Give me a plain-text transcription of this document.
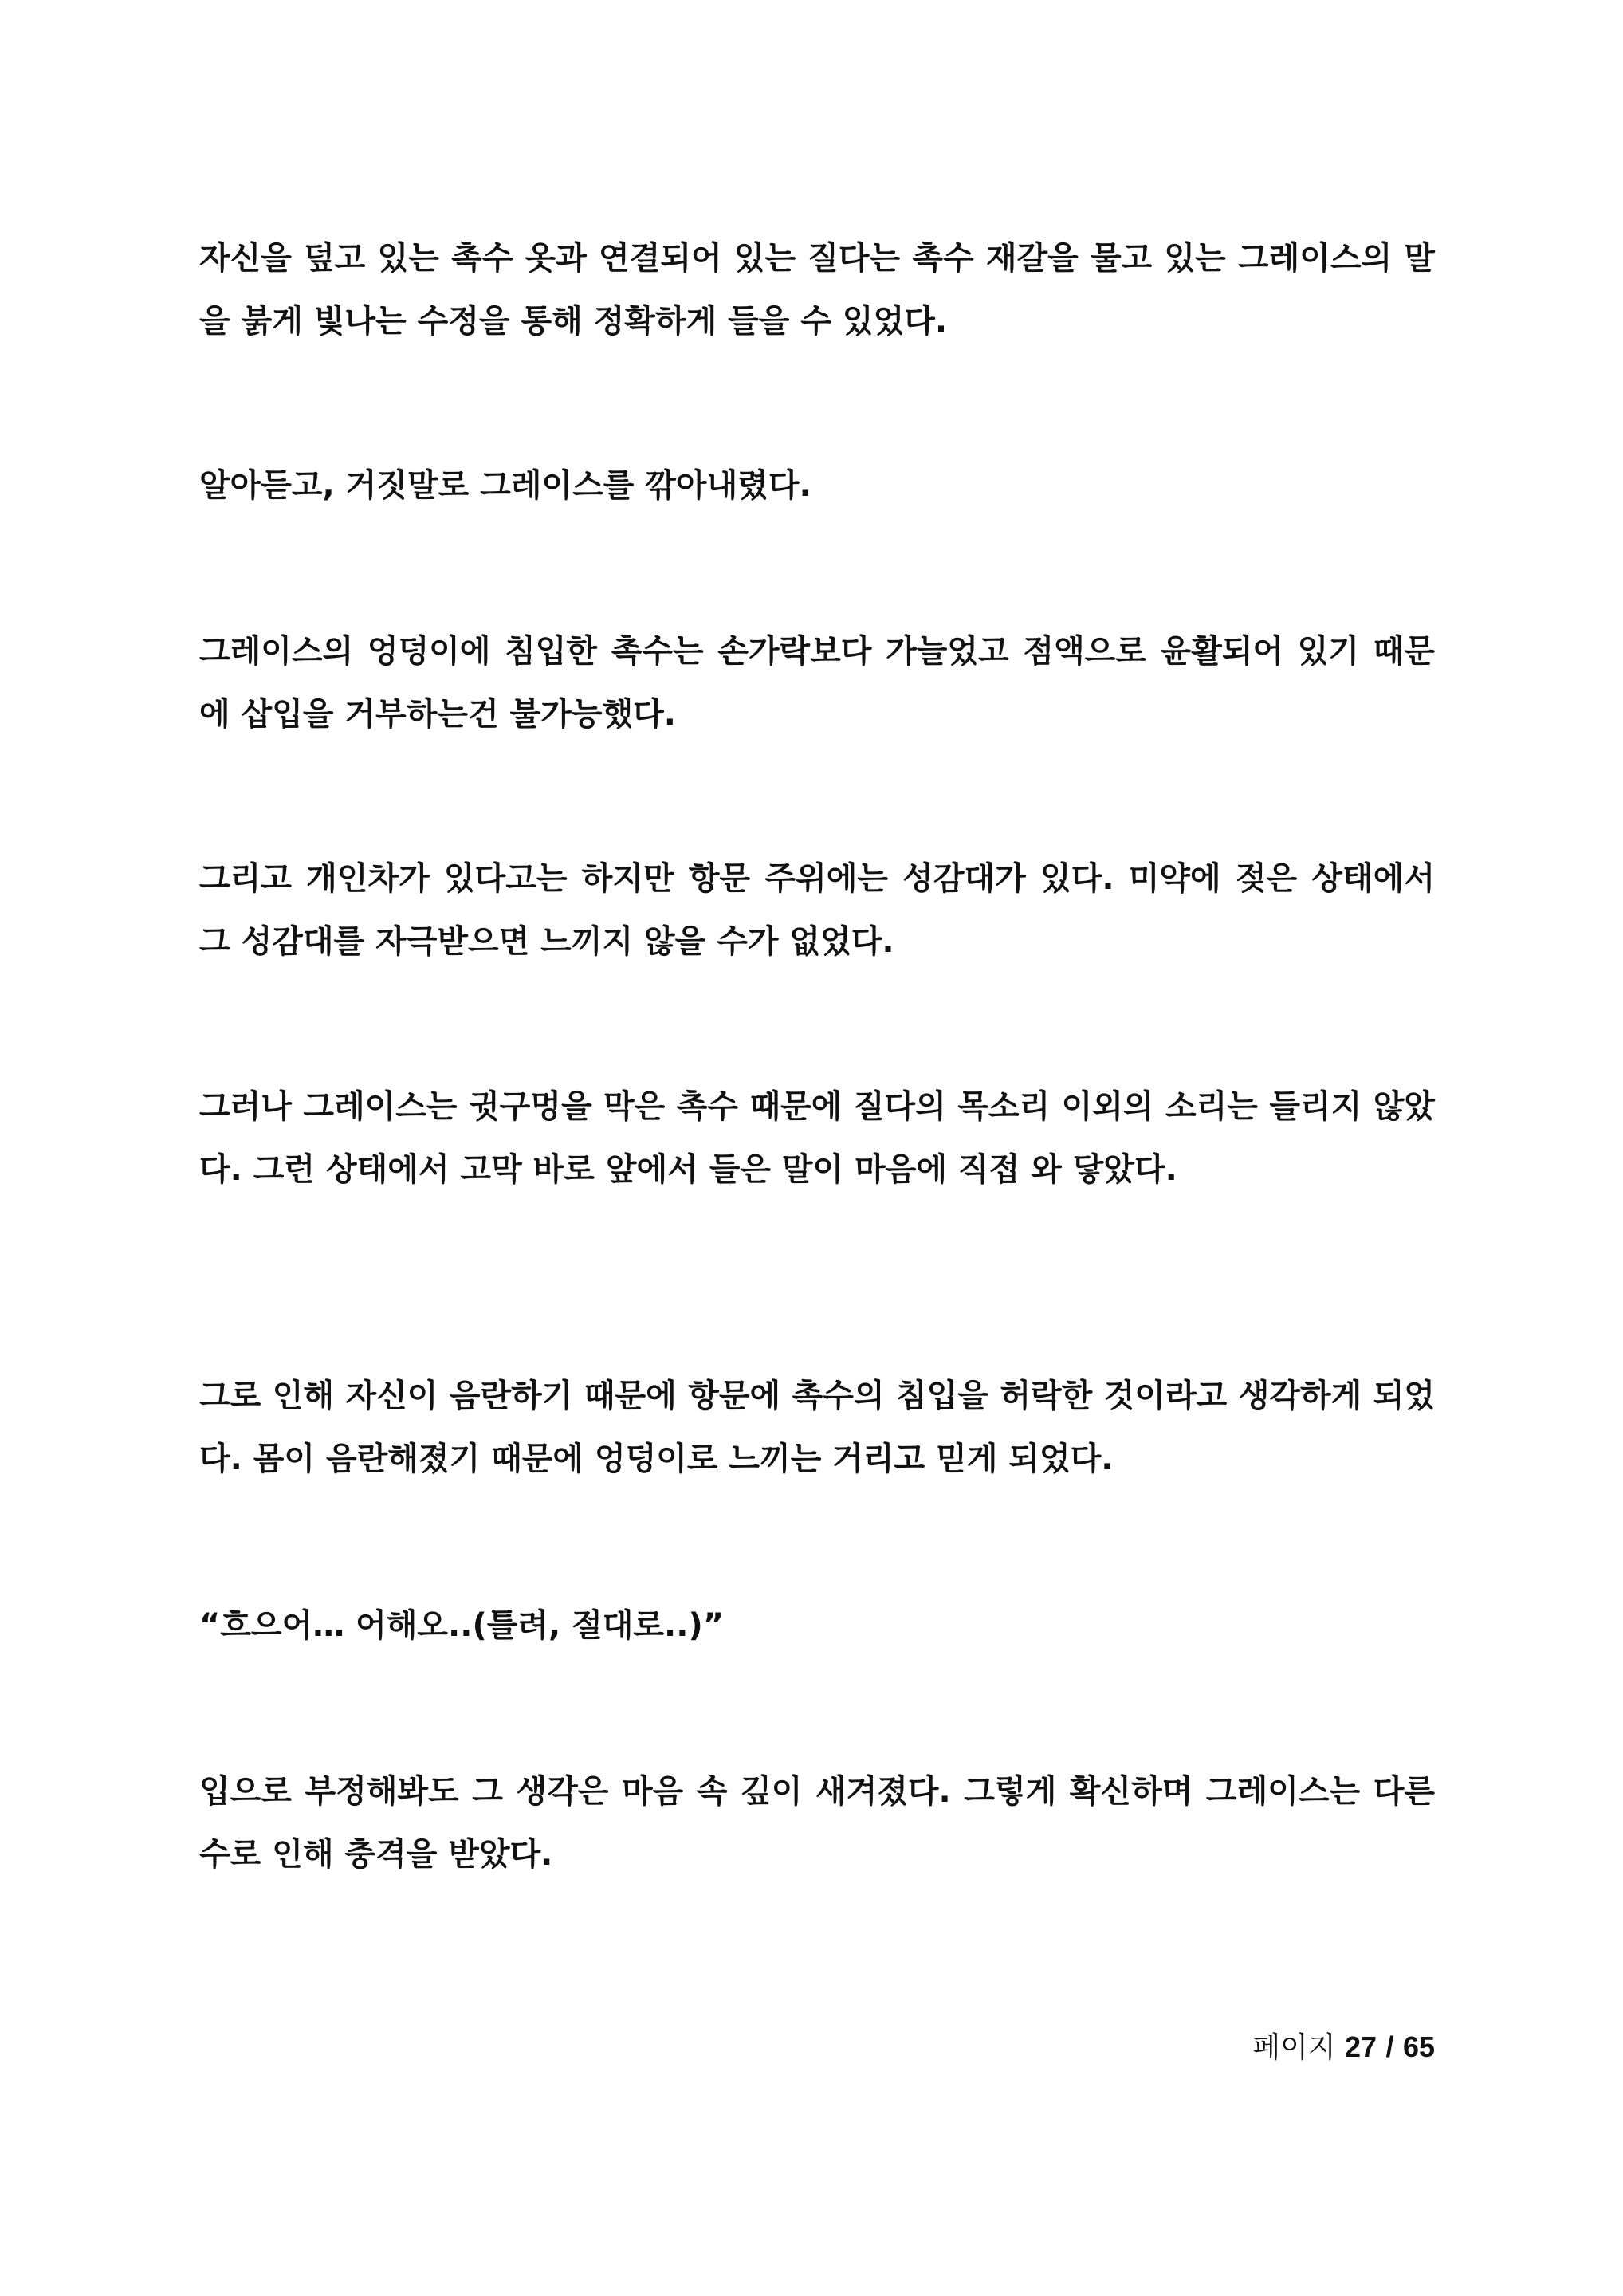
자신을 덮고 있는 촉수 옷과 연결되어 있는 질다는 촉수 재갈을 물고 있는 그레이스의 말을 붉게 빛나는 수정을 통해 정확하게 들을 수 있었다.

알아듣고, 거짓말로 그레이스를 깎아내렸다.

그레이스의 엉덩이에 침입한 촉수는 손가락보다 가늘었고 점액으로 윤활되어 있기 때문에 삽입을 거부하는건 불가능했다.

그리고 개인차가 있다고는 하지만 항문 주위에는 성감대가 있다. 미약에 젖은 상태에서 그 성감대를 자극받으면 느끼지 않을 수가 없었다.

그러나 그레이스는 귓구멍을 막은 촉수 때문에 질다의 목소리 이외의 소리는 들리지 않았다. 그런 상태에서 고막 바로 앞에서 들은 말이 마음에 직접 와 닿았다.

그로 인해 자신이 음란하기 때문에 항문에 촉수의 침입을 허락한 것이라고 생각하게 되었다. 몸이 음란해졌기 때문에 엉덩이로 느끼는 거리고 믿게 되었다.

“흐으어… 어해오..(틀려, 절대로..)”

입으로 부정해봐도 그 생각은 마음 속 깊이 새겨졌다. 그렇게 확신하며 그레이스는 다른 수로 인해 충격을 받았다.

페이지 27 / 65
